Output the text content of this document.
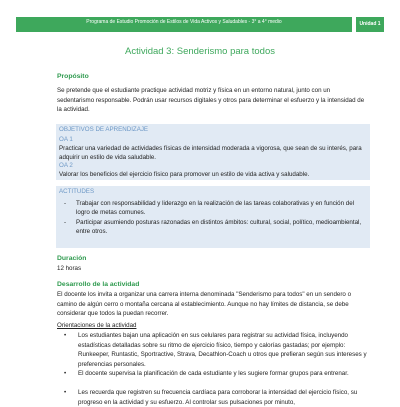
Programa de Estudio Promoción de Estilos de Vida Activos y Saludables - 3° a 4° medio	Unidad 1
Actividad 3: Senderismo para todos
Propósito
Se pretende que el estudiante practique actividad motriz y física en un entorno natural, junto con un sedentarismo responsable. Podrán usar recursos digitales y otros para determinar el esfuerzo y la intensidad de la actividad.
OBJETIVOS DE APRENDIZAJE
OA 1
Practicar una variedad de actividades físicas de intensidad moderada a vigorosa, que sean de su interés, para adquirir un estilo de vida saludable.
OA 2
Valorar los beneficios del ejercicio físico para promover un estilo de vida activa y saludable.
ACTITUDES
- Trabajar con responsabilidad y liderazgo en la realización de las tareas colaborativas y en función del logro de metas comunes.
- Participar asumiendo posturas razonadas en distintos ámbitos: cultural, social, político, medioambiental, entre otros.
Duración
12 horas
Desarrollo de la actividad
El docente los invita a organizar una carrera interna denominada "Senderismo para todos" en un sendero o camino de algún cerro o montaña cercana al establecimiento. Aunque no hay límites de distancia, se debe considerar que todos la puedan recorrer.
Orientaciones de la actividad
• Los estudiantes bajan una aplicación en sus celulares para registrar su actividad física, incluyendo estadísticas detalladas sobre su ritmo de ejercicio físico, tiempo y calorías gastadas; por ejemplo: Runkeeper, Runtastic, Sportractive, Strava, Decathlon-Coach u otros que prefieran según sus intereses y preferencias personales.
• El docente supervisa la planificación de cada estudiante y les sugiere formar grupos para entrenar.
• Les recuerda que registren su frecuencia cardíaca para corroborar la intensidad del ejercicio físico, su progreso en la actividad y su esfuerzo. Al controlar sus pulsaciones por minuto,
